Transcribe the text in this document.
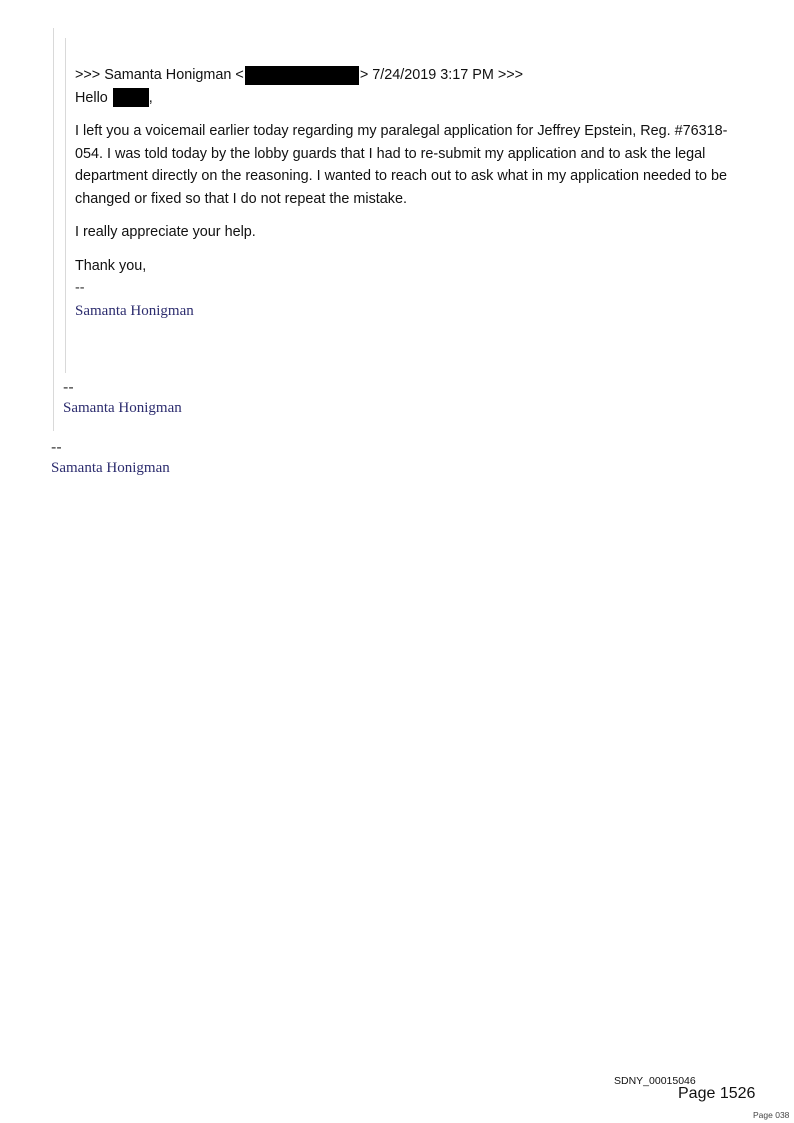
>>> Samanta Honigman <	> 7/24/2019 3:17 PM >>>

Hello	,

I left you a voicemail earlier today regarding my paralegal application for Jeffrey Epstein, Reg. #76318-054. I was told today by the lobby guards that I had to re-submit my application and to ask the legal department directly on the reasoning. I wanted to reach out to ask what in my application needed to be changed or fixed so that I do not repeat the mistake.

I really appreciate your help.

Thank you,

--

Samanta Honigman

--
Samanta Honigman
--
Samanta Honigman
SDNY_00015046
Page 1526
Page 038
